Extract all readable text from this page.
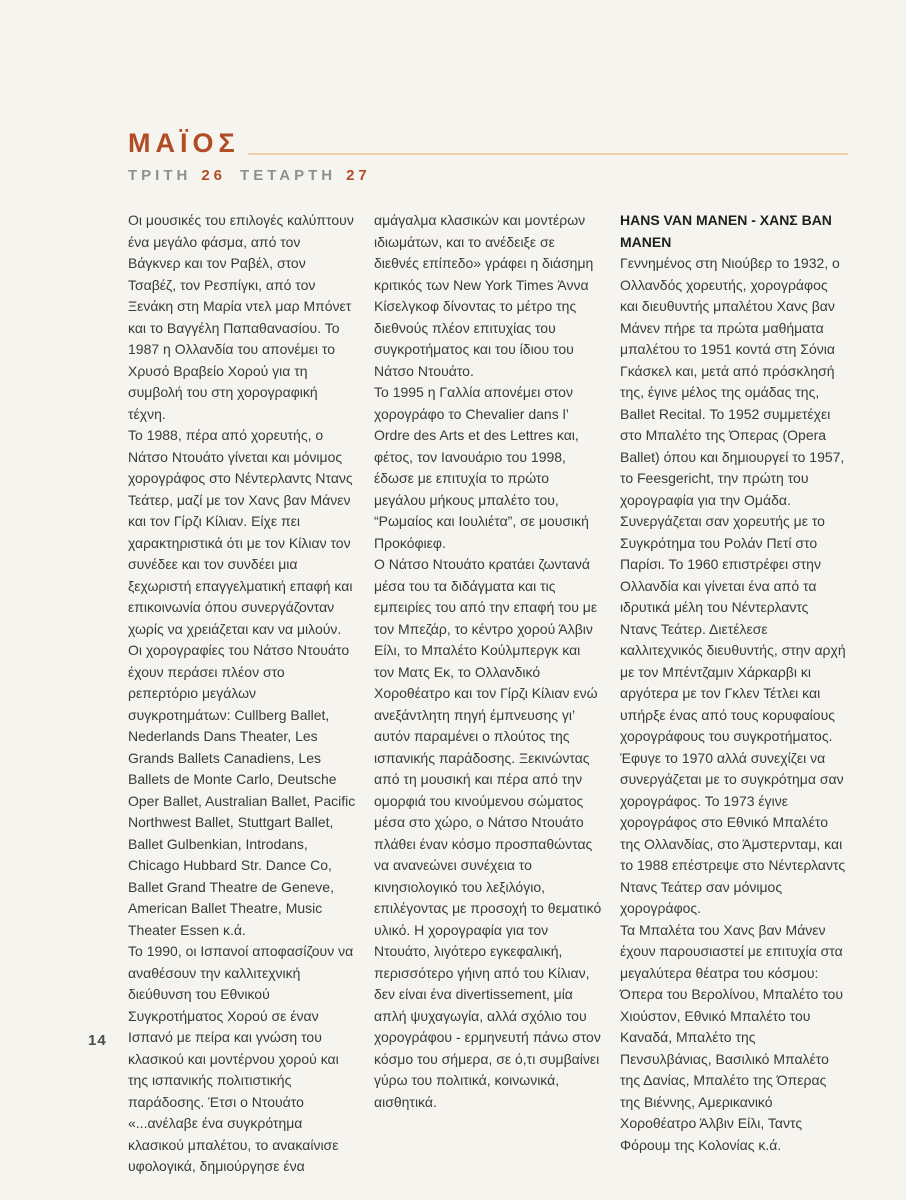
ΜΑΪΟΣ
ΤΡΙΤΗ 26 ΤΕΤΑΡΤΗ 27

Οι μουσικές του επιλογές καλύπτουν ένα μεγάλο φάσμα, από τον Βάγκνερ και τον Ραβέλ, στον Τσαβέζ, τον Ρεσπίγκι, από τον Ξενάκη στη Μαρία ντελ μαρ Μπόνετ και το Βαγγέλη Παπαθανασίου. Το 1987 η Ολλανδία του απονέμει το Χρυσό Βραβείο Χορού για τη συμβολή του στη χορογραφική τέχνη.

Το 1988, πέρα από χορευτής, ο Νάτσο Ντουάτο γίνεται και μόνιμος χορογράφος στο Νέντερλαντς Ντανς Τεάτερ, μαζί με τον Χανς βαν Μάνεν και τον Γίρζι Κίλιαν. Είχε πει χαρακτηριστικά ότι με τον Κίλιαν τον συνέδεε και τον συνδέει μια ξεχωριστή επαγγελματική επαφή και επικοινωνία όπου συνεργάζονταν χωρίς να χρειάζεται καν να μιλούν.

Οι χορογραφίες του Νάτσο Ντουάτο έχουν περάσει πλέον στο ρεπερτόριο μεγάλων συγκροτημάτων: Cullberg Ballet, Nederlands Dans Theater, Les Grands Ballets Canadiens, Les Ballets de Monte Carlo, Deutsche Oper Ballet, Australian Ballet, Pacific Northwest Ballet, Stuttgart Ballet, Ballet Gulbenkian, Introdans, Chicago Hubbard Str. Dance Co, Ballet Grand Theatre de Geneve, American Ballet Theatre, Music Theater Essen κ.ά.

Το 1990, οι Ισπανοί αποφασίζουν να αναθέσουν την καλλιτεχνική διεύθυνση του Εθνικού Συγκροτήματος Χορού σε έναν Ισπανό με πείρα και γνώση του κλασικού και μοντέρνου χορού και της ισπανικής πολιτιστικής παράδοσης. Έτσι ο Ντουάτο «...ανέλαβε ένα συγκρότημα κλασικού μπαλέτου, το ανακαίνισε υφολογικά, δημιούργησε ένα

αμάγαλμα κλασικών και μοντέρων ιδιωμάτων, και το ανέδειξε σε διεθνές επίπεδο» γράφει η διάσημη κριτικός των New York Times Άννα Κίσελγκοφ δίνοντας το μέτρο της διεθνούς πλέον επιτυχίας του συγκροτήματος και του ίδιου του Νάτσο Ντουάτο.

Το 1995 η Γαλλία απονέμει στον χορογράφο το Chevalier dans l’ Ordre des Arts et des Lettres και, φέτος, τον Ιανουάριο του 1998, έδωσε με επιτυχία το πρώτο μεγάλου μήκους μπαλέτο του, “Ρωμαίος και Ιουλιέτα”, σε μουσική Προκόφιεφ.

Ο Νάτσο Ντουάτο κρατάει ζωντανά μέσα του τα διδάγματα και τις εμπειρίες του από την επαφή του με τον Μπεζάρ, το κέντρο χορού Άλβιν Είλι, το Μπαλέτο Κούλμπεργκ και τον Ματς Εκ, το Ολλανδικό Χοροθέατρο και τον Γίρζι Κίλιαν ενώ ανεξάντλητη πηγή έμπνευσης γι’ αυτόν παραμένει ο πλούτος της ισπανικής παράδοσης. Ξεκινώντας από τη μουσική και πέρα από την ομορφιά του κινούμενου σώματος μέσα στο χώρο, ο Νάτσο Ντουάτο πλάθει έναν κόσμο προσπαθώντας να ανανεώνει συνέχεια το κινησιολογικό του λεξιλόγιο, επιλέγοντας με προσοχή το θεματικό υλικό. Η χορογραφία για τον Ντουάτο, λιγότερο εγκεφαλική, περισσότερο γήινη από του Κίλιαν, δεν είναι ένα divertissement, μία απλή ψυχαγωγία, αλλά σχόλιο του χορογράφου - ερμηνευτή πάνω στον κόσμο του σήμερα, σε ό,τι συμβαίνει γύρω του πολιτικά, κοινωνικά, αισθητικά.

HANS VAN MANEN - ΧΑΝΣ ΒΑΝ ΜΑΝΕΝ

Γεννημένος στη Νιούβερ το 1932, ο Ολλανδός χορευτής, χορογράφος και διευθυντής μπαλέτου Χανς βαν Μάνεν πήρε τα πρώτα μαθήματα μπαλέτου το 1951 κοντά στη Σόνια Γκάσκελ και, μετά από πρόσκλησή της, έγινε μέλος της ομάδας της, Ballet Recital. Το 1952 συμμετέχει στο Μπαλέτο της Όπερας (Opera Ballet) όπου και δημιουργεί το 1957, το Feesgericht, την πρώτη του χορογραφία για την Ομάδα. Συνεργάζεται σαν χορευτής με το Συγκρότημα του Ρολάν Πετί στο Παρίσι. Το 1960 επιστρέφει στην Ολλανδία και γίνεται ένα από τα ιδρυτικά μέλη του Νέντερλαντς Ντανς Τεάτερ. Διετέλεσε καλλιτεχνικός διευθυντής, στην αρχή με τον Μπέντζαμιν Χάρκαρβι κι αργότερα με τον Γκλεν Τέτλει και υπήρξε ένας από τους κορυφαίους χορογράφους του συγκροτήματος. Έφυγε το 1970 αλλά συνεχίζει να συνεργάζεται με το συγκρότημα σαν χορογράφος. Το 1973 έγινε χορογράφος στο Εθνικό Μπαλέτο της Ολλανδίας, στο Άμστερνταμ, και το 1988 επέστρεψε στο Νέντερλαντς Ντανς Τεάτερ σαν μόνιμος χορογράφος.

Τα Μπαλέτα του Χανς βαν Μάνεν έχουν παρουσιαστεί με επιτυχία στα μεγαλύτερα θέατρα του κόσμου: Όπερα του Βερολίνου, Μπαλέτο του Χιούστον, Εθνικό Μπαλέτο του Καναδά, Μπαλέτο της Πενσυλβάνιας, Βασιλικό Μπαλέτο της Δανίας, Μπαλέτο της Όπερας της Βιέννης, Αμερικανικό Χοροθέατρο Άλβιν Είλι, Ταντς Φόρουμ της Κολονίας κ.ά.

14
